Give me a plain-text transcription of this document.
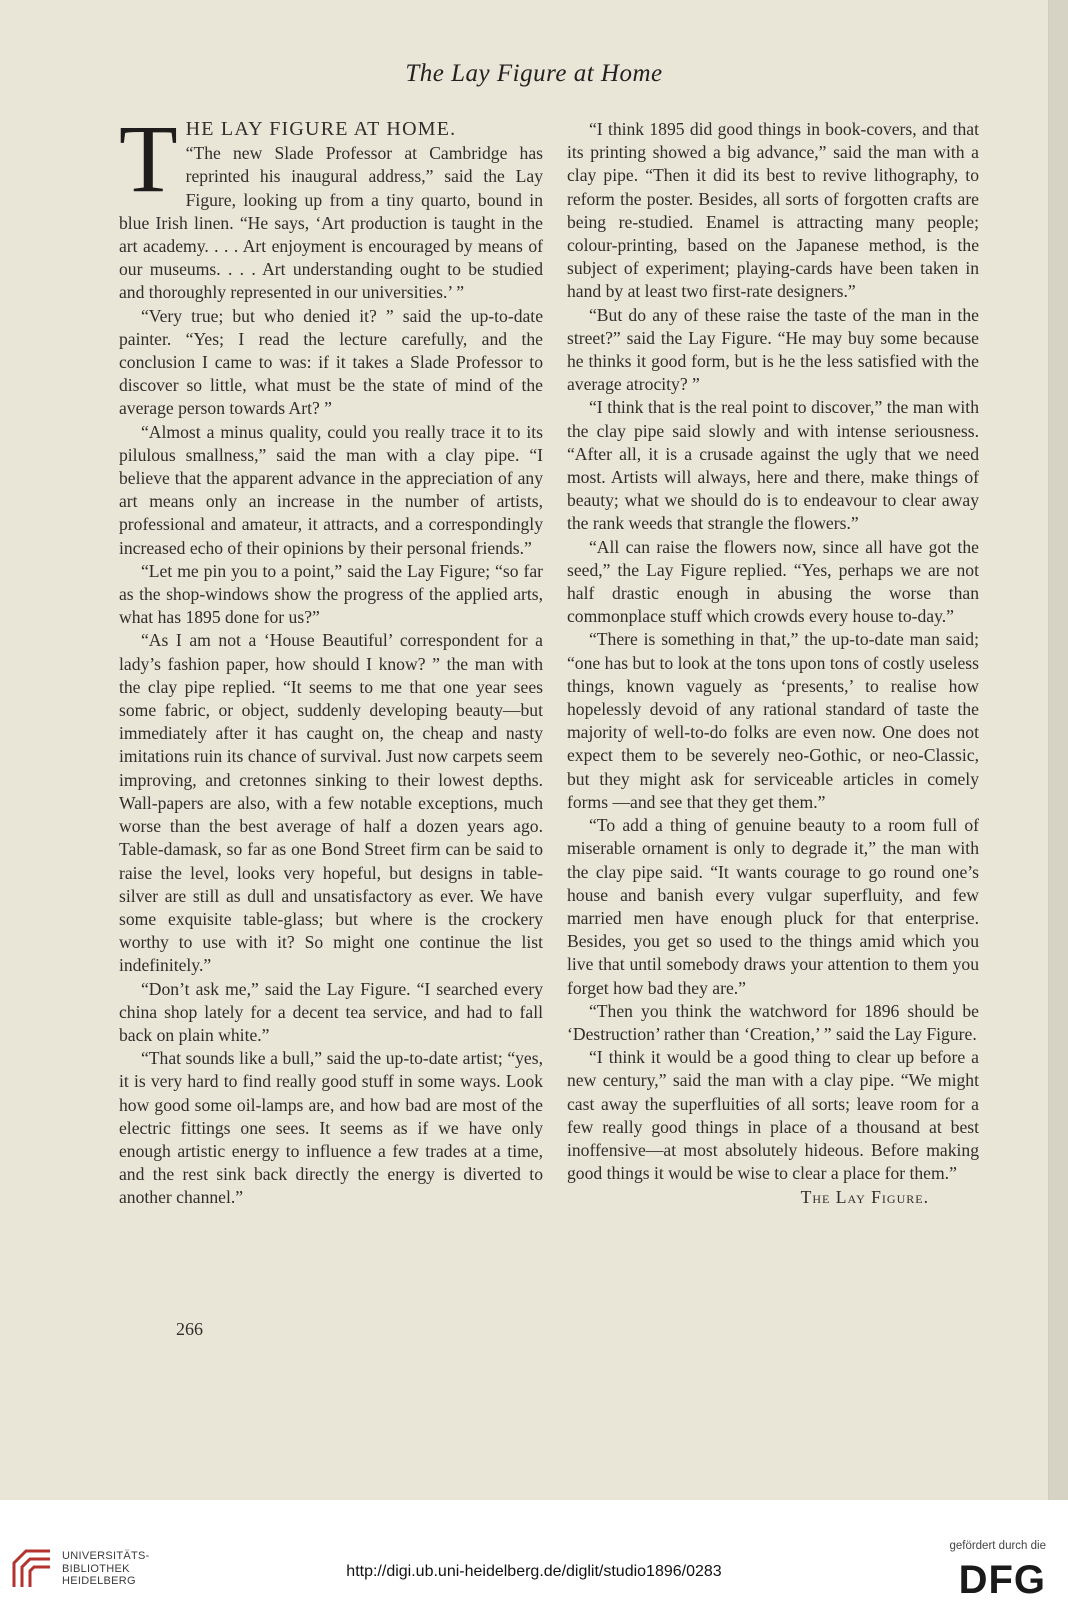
The Lay Figure at Home

T HE LAY FIGURE AT HOME.
“The new Slade Professor at Cambridge has reprinted his inaugural address,” said the Lay Figure, looking up from a tiny quarto, bound in blue Irish linen. “He says, ‘Art production is taught in the art academy. . . . Art enjoyment is encouraged by means of our museums. . . . Art understanding ought to be studied and thoroughly represented in our universities.’ ”

“Very true; but who denied it? ” said the up-to-date painter. “Yes; I read the lecture carefully, and the conclusion I came to was: if it takes a Slade Professor to discover so little, what must be the state of mind of the average person towards Art? ”

“Almost a minus quality, could you really trace it to its pilulous smallness,” said the man with a clay pipe. “I believe that the apparent advance in the appreciation of any art means only an increase in the number of artists, professional and amateur, it attracts, and a correspondingly increased echo of their opinions by their personal friends.”

“Let me pin you to a point,” said the Lay Figure; “so far as the shop-windows show the progress of the applied arts, what has 1895 done for us?”

“As I am not a ‘House Beautiful’ correspondent for a lady’s fashion paper, how should I know? ” the man with the clay pipe replied. “It seems to me that one year sees some fabric, or object, suddenly developing beauty—but immediately after it has caught on, the cheap and nasty imitations ruin its chance of survival. Just now carpets seem improving, and cretonnes sinking to their lowest depths. Wall-papers are also, with a few notable exceptions, much worse than the best average of half a dozen years ago. Table-damask, so far as one Bond Street firm can be said to raise the level, looks very hopeful, but designs in table-silver are still as dull and unsatisfactory as ever. We have some exquisite table-glass; but where is the crockery worthy to use with it? So might one continue the list indefinitely.”

“Don’t ask me,” said the Lay Figure. “I searched every china shop lately for a decent tea service, and had to fall back on plain white.”

“That sounds like a bull,” said the up-to-date artist; “yes, it is very hard to find really good stuff in some ways. Look how good some oil-lamps are, and how bad are most of the electric fittings one sees. It seems as if we have only enough artistic energy to influence a few trades at a time, and the rest sink back directly the energy is diverted to another channel.”

266

“I think 1895 did good things in book-covers, and that its printing showed a big advance,” said the man with a clay pipe. “Then it did its best to revive lithography, to reform the poster. Besides, all sorts of forgotten crafts are being re-studied. Enamel is attracting many people; colour-printing, based on the Japanese method, is the subject of experiment; playing-cards have been taken in hand by at least two first-rate designers.”

“But do any of these raise the taste of the man in the street?” said the Lay Figure. “He may buy some because he thinks it good form, but is he the less satisfied with the average atrocity? ”

“I think that is the real point to discover,” the man with the clay pipe said slowly and with intense seriousness. “After all, it is a crusade against the ugly that we need most. Artists will always, here and there, make things of beauty; what we should do is to endeavour to clear away the rank weeds that strangle the flowers.”

“All can raise the flowers now, since all have got the seed,” the Lay Figure replied. “Yes, perhaps we are not half drastic enough in abusing the worse than commonplace stuff which crowds every house to-day.”

“There is something in that,” the up-to-date man said; “one has but to look at the tons upon tons of costly useless things, known vaguely as ‘presents,’ to realise how hopelessly devoid of any rational standard of taste the majority of well-to-do folks are even now. One does not expect them to be severely neo-Gothic, or neo-Classic, but they might ask for serviceable articles in comely forms —and see that they get them.”

“To add a thing of genuine beauty to a room full of miserable ornament is only to degrade it,” the man with the clay pipe said. “It wants courage to go round one’s house and banish every vulgar superfluity, and few married men have enough pluck for that enterprise. Besides, you get so used to the things amid which you live that until somebody draws your attention to them you forget how bad they are.”

“Then you think the watchword for 1896 should be ‘Destruction’ rather than ‘Creation,’ ” said the Lay Figure.

“I think it would be a good thing to clear up before a new century,” said the man with a clay pipe. “We might cast away the superfluities of all sorts; leave room for a few really good things in place of a thousand at best inoffensive—at most absolutely hideous. Before making good things it would be wise to clear a place for them.”

The Lay Figure.
UNIVERSITÄTS-
BIBLIOTHEK
HEIDELBERG
http://digi.ub.uni-heidelberg.de/diglit/studio1896/0283
gefördert durch die
DFG
